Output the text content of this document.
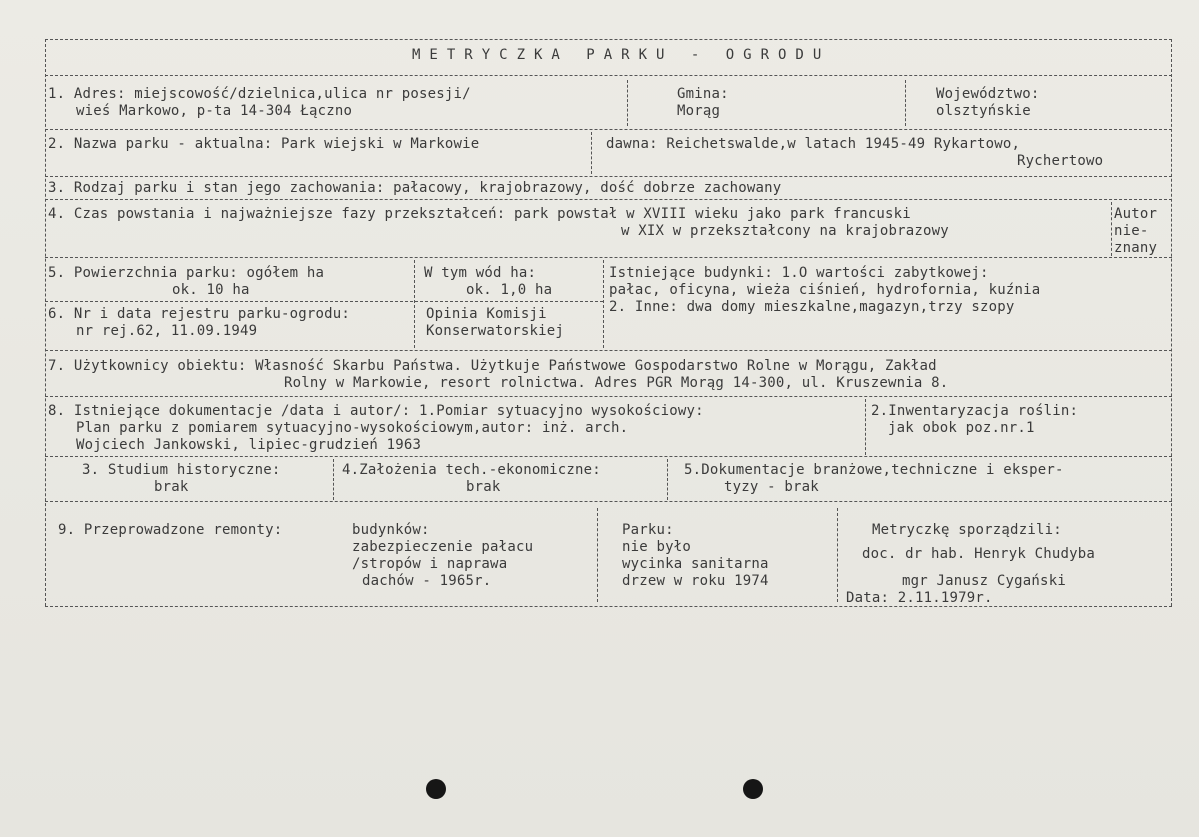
METRYCZKA PARKU - OGRODU
1. Adres: miejscowość/dzielnica,ulica nr posesji/
wieś Markowo, p-ta 14-304 Łączno
Gmina:
Morąg
Województwo:
olsztyńskie
2. Nazwa parku - aktualna: Park wiejski w Markowie	dawna: Reichetswalde,w latach 1945-49 Rykartowo,
Rychertowo
3. Rodzaj parku i stan jego zachowania: pałacowy, krajobrazowy, dość dobrze zachowany
4. Czas powstania i najważniejsze fazy przekształceń: park powstał w XVIII wieku jako park francuski
w XIX w przekształcony na krajobrazowy
Autor
nie-
znany
5. Powierzchnia parku: ogółem ha
ok. 10 ha
W tym wód ha:
ok. 1,0 ha
Istniejące budynki: 1.O wartości zabytkowej:
pałac, oficyna, wieża ciśnień, hydrofornia, kuźnia
2. Inne: dwa domy mieszkalne,magazyn,trzy szopy
6. Nr i data rejestru parku-ogrodu:
nr rej.62, 11.09.1949
Opinia Komisji
Konserwatorskiej
7. Użytkownicy obiektu: Własność Skarbu Państwa. Użytkuje Państwowe Gospodarstwo Rolne w Morągu, Zakład
Rolny w Markowie, resort rolnictwa. Adres PGR Morąg 14-300, ul. Kruszewnia 8.
8. Istniejące dokumentacje /data i autor/: 1.Pomiar sytuacyjno wysokościowy:
Plan parku z pomiarem sytuacyjno-wysokościowym,autor: inż. arch.
Wojciech Jankowski, lipiec-grudzień 1963
2.Inwentaryzacja roślin:
jak obok poz.nr.1
3. Studium historyczne:
brak
4.Założenia tech.-ekonomiczne:
brak
5.Dokumentacje branżowe,techniczne i eksper-
tyzy - brak
9. Przeprowadzone remonty:	budynków:
zabezpieczenie pałacu
/stropów i naprawa
dachów - 1965r.
Parku:
nie było
wycinka sanitarna
drzew w roku 1974
Metryczkę sporządzili:
doc. dr hab. Henryk Chudyba
mgr Janusz Cygański
Data: 2.11.1979r.
